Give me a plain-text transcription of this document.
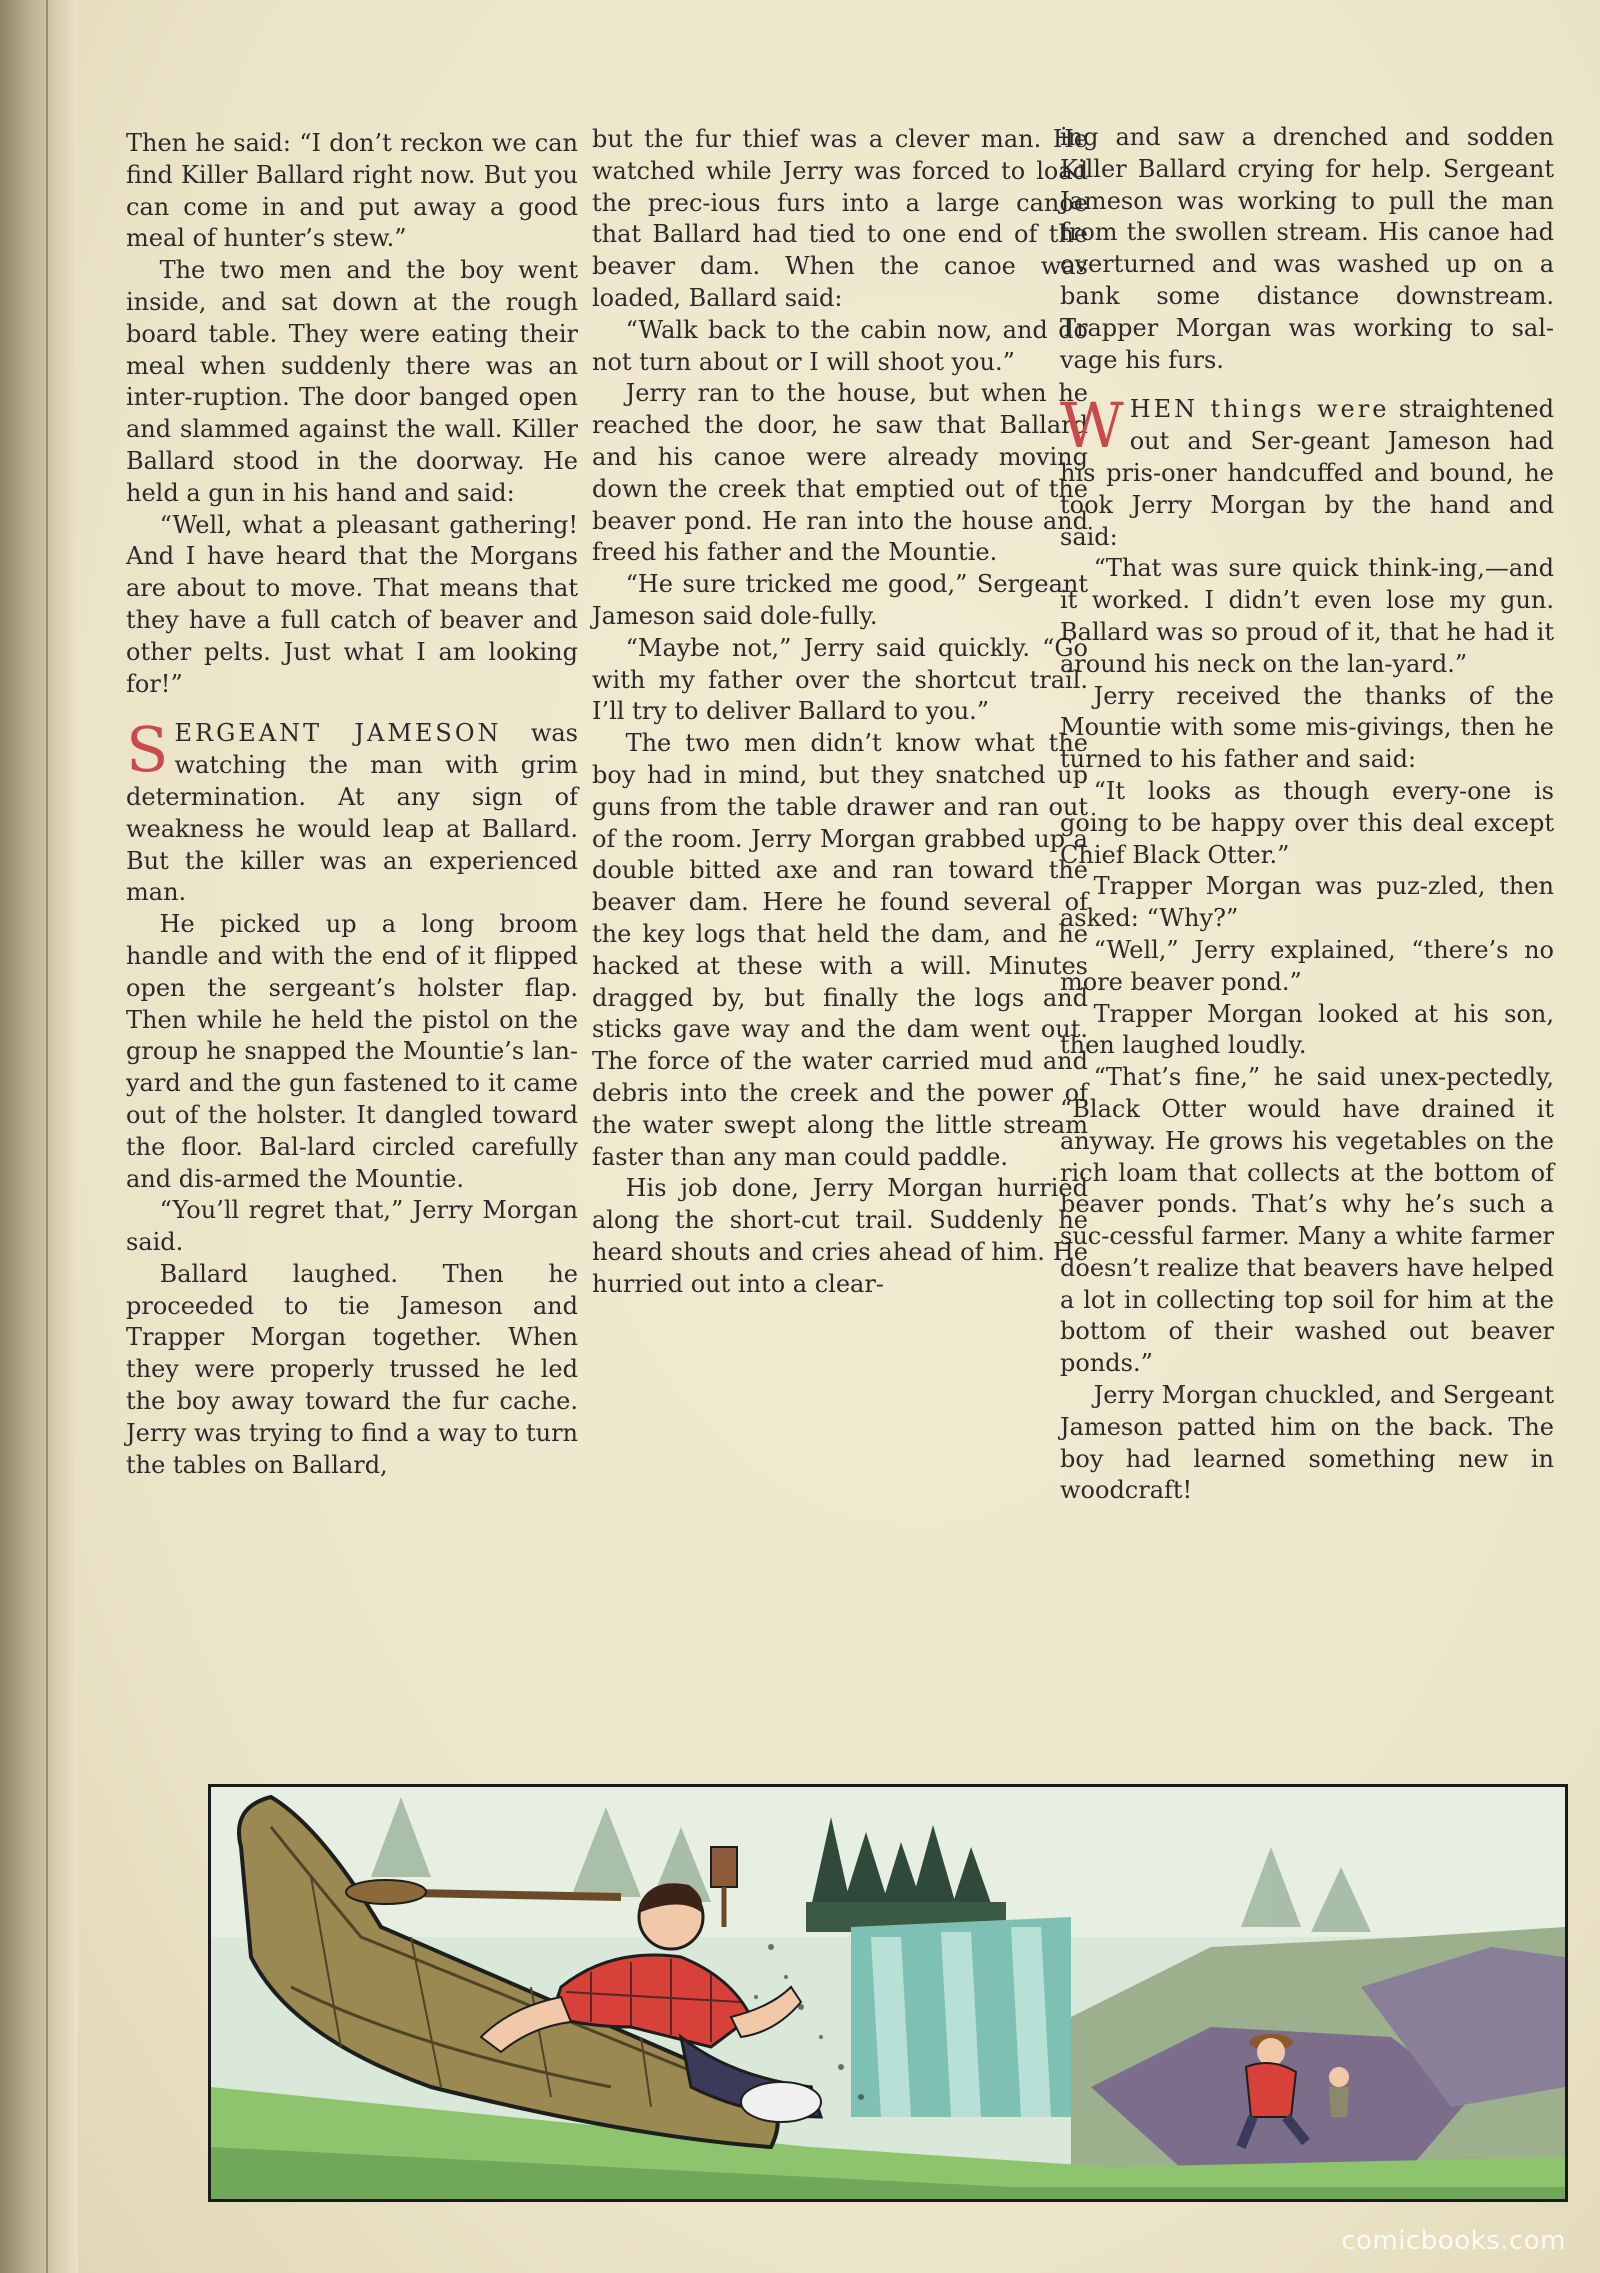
Then he said: “I don’t reckon we can find Killer Ballard right now. But you can come in and put away a good meal of hunter’s stew.”

The two men and the boy went inside, and sat down at the rough board table. They were eating their meal when suddenly there was an inter-ruption. The door banged open and slammed against the wall. Killer Ballard stood in the doorway. He held a gun in his hand and said:

“Well, what a pleasant gathering! And I have heard that the Morgans are about to move. That means that they have a full catch of beaver and other pelts. Just what I am looking for!”

SERGEANT JAMESON was watching the man with grim determination. At any sign of weakness he would leap at Ballard. But the killer was an experienced man.

He picked up a long broom handle and with the end of it flipped open the sergeant’s holster flap. Then while he held the pistol on the group he snapped the Mountie’s lan-yard and the gun fastened to it came out of the holster. It dangled toward the floor. Bal-lard circled carefully and dis-armed the Mountie.

“You’ll regret that,” Jerry Morgan said.

Ballard laughed. Then he proceeded to tie Jameson and Trapper Morgan together. When they were properly trussed he led the boy away toward the fur cache. Jerry was trying to find a way to turn the tables on Ballard,

but the fur thief was a clever man. He watched while Jerry was forced to load the prec-ious furs into a large canoe that Ballard had tied to one end of the beaver dam. When the canoe was loaded, Ballard said:

“Walk back to the cabin now, and do not turn about or I will shoot you.”

Jerry ran to the house, but when he reached the door, he saw that Ballard and his canoe were already moving down the creek that emptied out of the beaver pond. He ran into the house and freed his father and the Mountie.

“He sure tricked me good,” Sergeant Jameson said dole-fully.

“Maybe not,” Jerry said quickly. “Go with my father over the shortcut trail. I’ll try to deliver Ballard to you.”

The two men didn’t know what the boy had in mind, but they snatched up guns from the table drawer and ran out of the room. Jerry Morgan grabbed up a double bitted axe and ran toward the beaver dam. Here he found several of the key logs that held the dam, and he hacked at these with a will. Minutes dragged by, but finally the logs and sticks gave way and the dam went out. The force of the water carried mud and debris into the creek and the power of the water swept along the little stream faster than any man could paddle.

His job done, Jerry Morgan hurried along the short-cut trail. Suddenly he heard shouts and cries ahead of him. He hurried out into a clear-

ing and saw a drenched and sodden Killer Ballard crying for help. Sergeant Jameson was working to pull the man from the swollen stream. His canoe had overturned and was washed up on a bank some distance downstream. Trapper Morgan was working to sal-vage his furs.

WHEN things were straightened out and Ser-geant Jameson had his pris-oner handcuffed and bound, he took Jerry Morgan by the hand and said:

“That was sure quick think-ing,—and it worked. I didn’t even lose my gun. Ballard was so proud of it, that he had it around his neck on the lan-yard.”

Jerry received the thanks of the Mountie with some mis-givings, then he turned to his father and said:

“It looks as though every-one is going to be happy over this deal except Chief Black Otter.”

Trapper Morgan was puz-zled, then asked: “Why?”

“Well,” Jerry explained, “there’s no more beaver pond.”

Trapper Morgan looked at his son, then laughed loudly.

“That’s fine,” he said unex-pectedly, “Black Otter would have drained it anyway. He grows his vegetables on the rich loam that collects at the bottom of beaver ponds. That’s why he’s such a suc-cessful farmer. Many a white farmer doesn’t realize that beavers have helped a lot in collecting top soil for him at the bottom of their washed out beaver ponds.”

Jerry Morgan chuckled, and Sergeant Jameson patted him on the back. The boy had learned something new in woodcraft!

comicbooks.com
